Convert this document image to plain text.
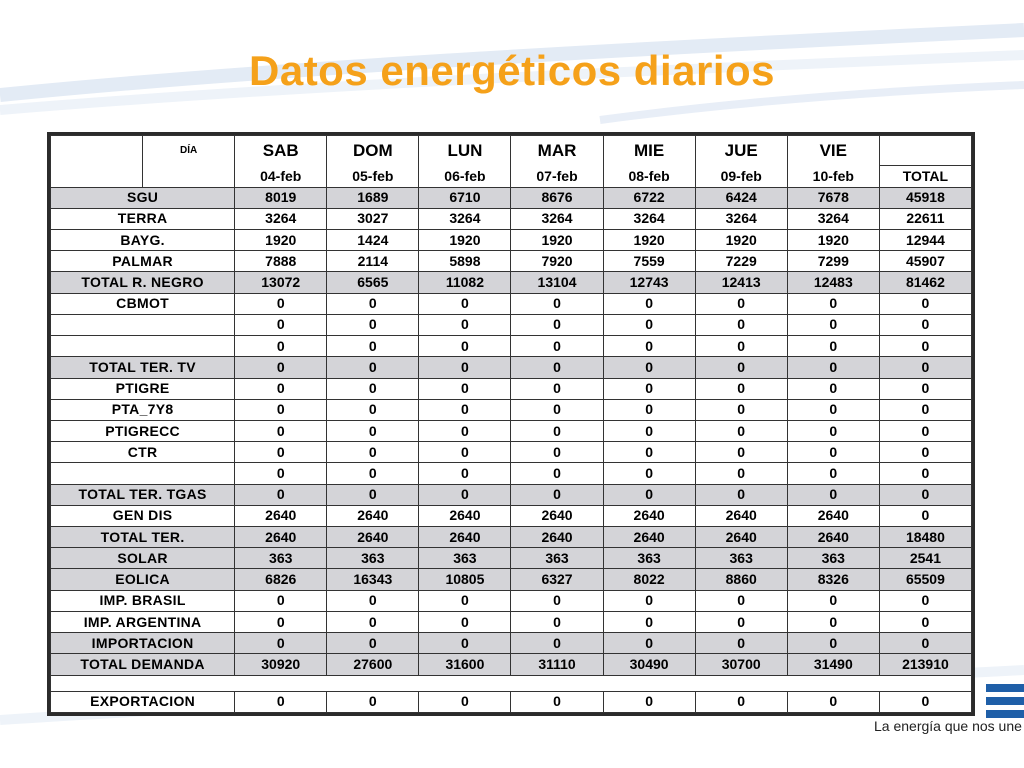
Datos energéticos diarios
	DÍA	SAB	DOM	LUN	MAR	MIE	JUE	VIE	
		04-feb	05-feb	06-feb	07-feb	08-feb	09-feb	10-feb	TOTAL
SGU		8019	1689	6710	8676	6722	6424	7678	45918
TERRA		3264	3027	3264	3264	3264	3264	3264	22611
BAYG.		1920	1424	1920	1920	1920	1920	1920	12944
PALMAR		7888	2114	5898	7920	7559	7229	7299	45907
TOTAL R. NEGRO		13072	6565	11082	13104	12743	12413	12483	81462
CBMOT		0	0	0	0	0	0	0	0
		0	0	0	0	0	0	0	0
		0	0	0	0	0	0	0	0
TOTAL TER. TV		0	0	0	0	0	0	0	0
PTIGRE		0	0	0	0	0	0	0	0
PTA_7Y8		0	0	0	0	0	0	0	0
PTIGRECC		0	0	0	0	0	0	0	0
CTR		0	0	0	0	0	0	0	0
		0	0	0	0	0	0	0	0
TOTAL TER. TGAS		0	0	0	0	0	0	0	0
GEN DIS		2640	2640	2640	2640	2640	2640	2640	0
TOTAL TER.		2640	2640	2640	2640	2640	2640	2640	18480
SOLAR		363	363	363	363	363	363	363	2541
EOLICA		6826	16343	10805	6327	8022	8860	8326	65509
IMP. BRASIL		0	0	0	0	0	0	0	0
IMP. ARGENTINA		0	0	0	0	0	0	0	0
IMPORTACION		0	0	0	0	0	0	0	0
TOTAL DEMANDA		30920	27600	31600	31110	30490	30700	31490	213910

EXPORTACION		0	0	0	0	0	0	0	0
La energía que nos une
